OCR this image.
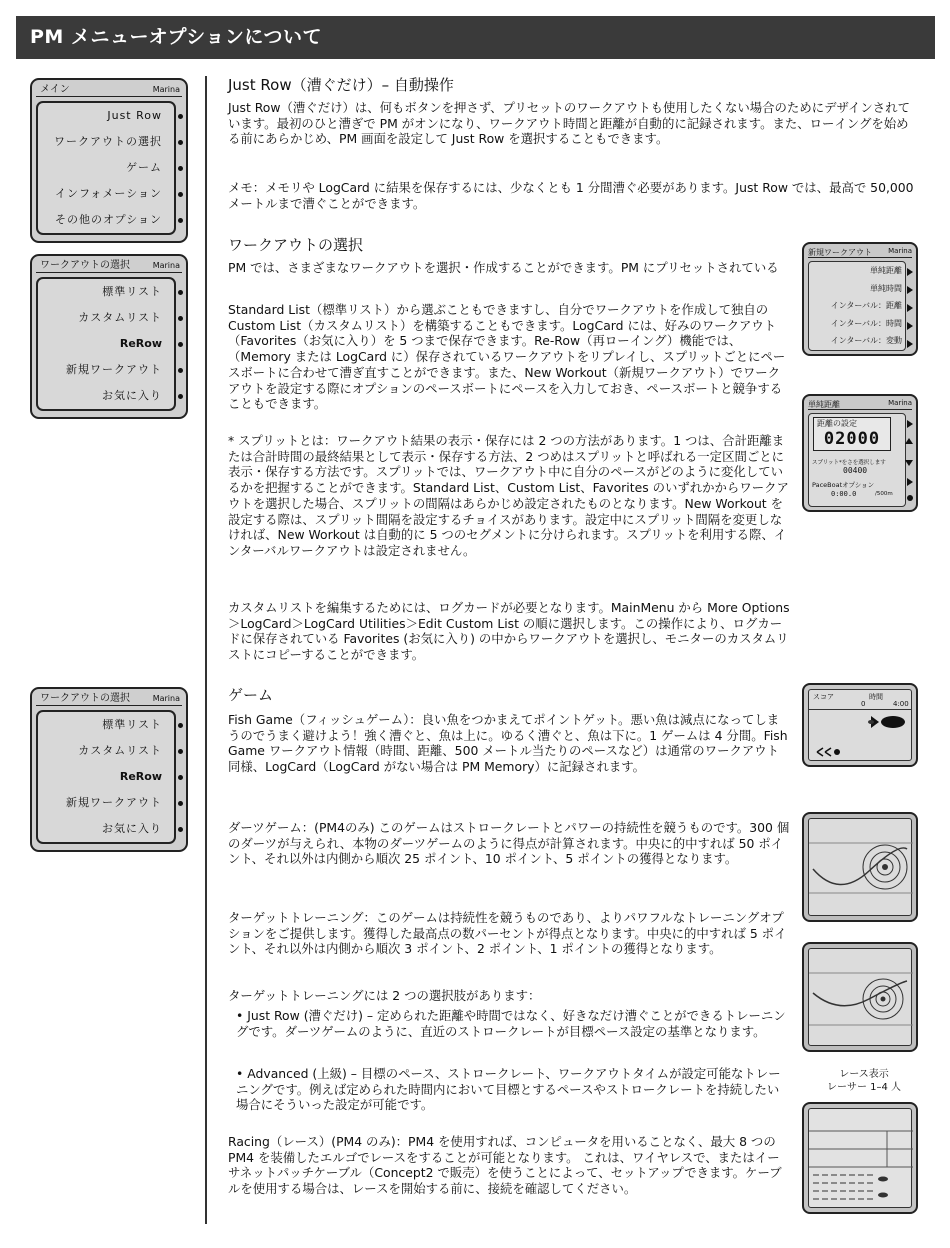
PM メニューオプションについて
メイン	Marina
Just Row
ワークアウトの選択
ゲーム
インフォメーション
その他のオプション
ワークアウトの選択	Marina
標準リスト
カスタムリスト
ReRow
新規ワークアウト
お気に入り
ワークアウトの選択	Marina
標準リスト
カスタムリスト
ReRow
新規ワークアウト
お気に入り
Just Row（漕ぐだけ）– 自動操作
Just Row（漕ぐだけ）は、何もボタンを押さず、プリセットのワークアウトも使用したくない場合のためにデザインされています。最初のひと漕ぎで PM がオンになり、ワークアウト時間と距離が自動的に記録されます。また、ローイングを始める前にあらかじめ、PM 画面を設定して Just Row を選択することもできます。
メモ：メモリや LogCard に結果を保存するには、少なくとも 1 分間漕ぐ必要があります。Just Row では、最高で 50,000 メートルまで漕ぐことができます。
ワークアウトの選択
PM では、さまざまなワークアウトを選択・作成することができます。PM にプリセットされている
Standard List（標準リスト）から選ぶこともできますし、自分でワークアウトを作成して独自の Custom List（カスタムリスト）を構築することもできます。LogCard には、好みのワークアウト（Favorites（お気に入り）を 5 つまで保存できます。Re-Row（再ローイング）機能では、（Memory または LogCard に）保存されているワークアウトをリプレイし、スプリットごとにペースボートに合わせて漕ぎ直すことができます。また、New Workout（新規ワークアウト）でワークアウトを設定する際にオプションのペースボートにペースを入力しておき、ペースボートと競争することもできます。
* スプリットとは：ワークアウト結果の表示・保存には 2 つの方法があります。1 つは、合計距離または合計時間の最終結果として表示・保存する方法、2 つめはスプリットと呼ばれる一定区間ごとに表示・保存する方法です。スプリットでは、ワークアウト中に自分のペースがどのように変化しているかを把握することができます。Standard List、Custom List、Favorites のいずれかからワークアウトを選択した場合、スプリットの間隔はあらかじめ設定されたものとなります。New Workout を設定する際は、スプリット間隔を設定するチョイスがあります。設定中にスプリット間隔を変更しなければ、New Workout は自動的に 5 つのセグメントに分けられます。スプリットを利用する際、インターバルワークアウトは設定されません。
カスタムリストを編集するためには、ログカードが必要となります。MainMenu から More Options＞LogCard＞LogCard Utilities＞Edit Custom List の順に選択します。この操作により、ログカードに保存されている Favorites (お気に入り) の中からワークアウトを選択し、モニターのカスタムリストにコピーすることができます。
ゲーム
Fish Game（フィッシュゲーム）：良い魚をつかまえてポイントゲット。悪い魚は減点になってしまうのでうまく避けよう！強く漕ぐと、魚は上に。ゆるく漕ぐと、魚は下に。1 ゲームは 4 分間。Fish Game ワークアウト情報（時間、距離、500 メートル当たりのペースなど）は通常のワークアウト同様、LogCard（LogCard がない場合は PM Memory）に記録されます。
ダーツゲーム：(PM4のみ) このゲームはストロークレートとパワーの持続性を競うものです。300 個のダーツが与えられ、本物のダーツゲームのように得点が計算されます。中央に的中すれば 50 ポイント、それ以外は内側から順次 25 ポイント、10 ポイント、5 ポイントの獲得となります。
ターゲットトレーニング：このゲームは持続性を競うものであり、よりパワフルなトレーニングオプションをご提供します。獲得した最高点の数パーセントが得点となります。中央に的中すれば 5 ポイント、それ以外は内側から順次 3 ポイント、2 ポイント、1 ポイントの獲得となります。
ターゲットトレーニングには 2 つの選択肢があります：
• Just Row (漕ぐだけ) – 定められた距離や時間ではなく、好きなだけ漕ぐことができるトレーニングです。ダーツゲームのように、直近のストロークレートが目標ペース設定の基準となります。
• Advanced (上級) – 目標のペース、ストロークレート、ワークアウトタイムが設定可能なトレーニングです。例えば定められた時間内において目標とするペースやストロークレートを持続したい場合にそういった設定が可能です。
Racing（レース）(PM4 のみ)：PM4 を使用すれば、コンピュータを用いることなく、最大 8 つの PM4 を装備したエルゴでレースをすることが可能となります。 これは、ワイヤレスで、またはイーサネットパッチケーブル（Concept2 で販売）を使うことによって、セットアップできます。ケーブルを使用する場合は、レースを開始する前に、接続を確認してください。
新規ワークアウト Marina
単純距離
単純時間
インターバル：距離
インターバル：時間
インターバル：変動
単純距離	Marina
距離の設定
02000
スプリット*をさを選択します
00400
PaceBoatオプション
0:00.0	/500m
スコア	時間
0	4:00
レース表示
レーサー 1–4 人
